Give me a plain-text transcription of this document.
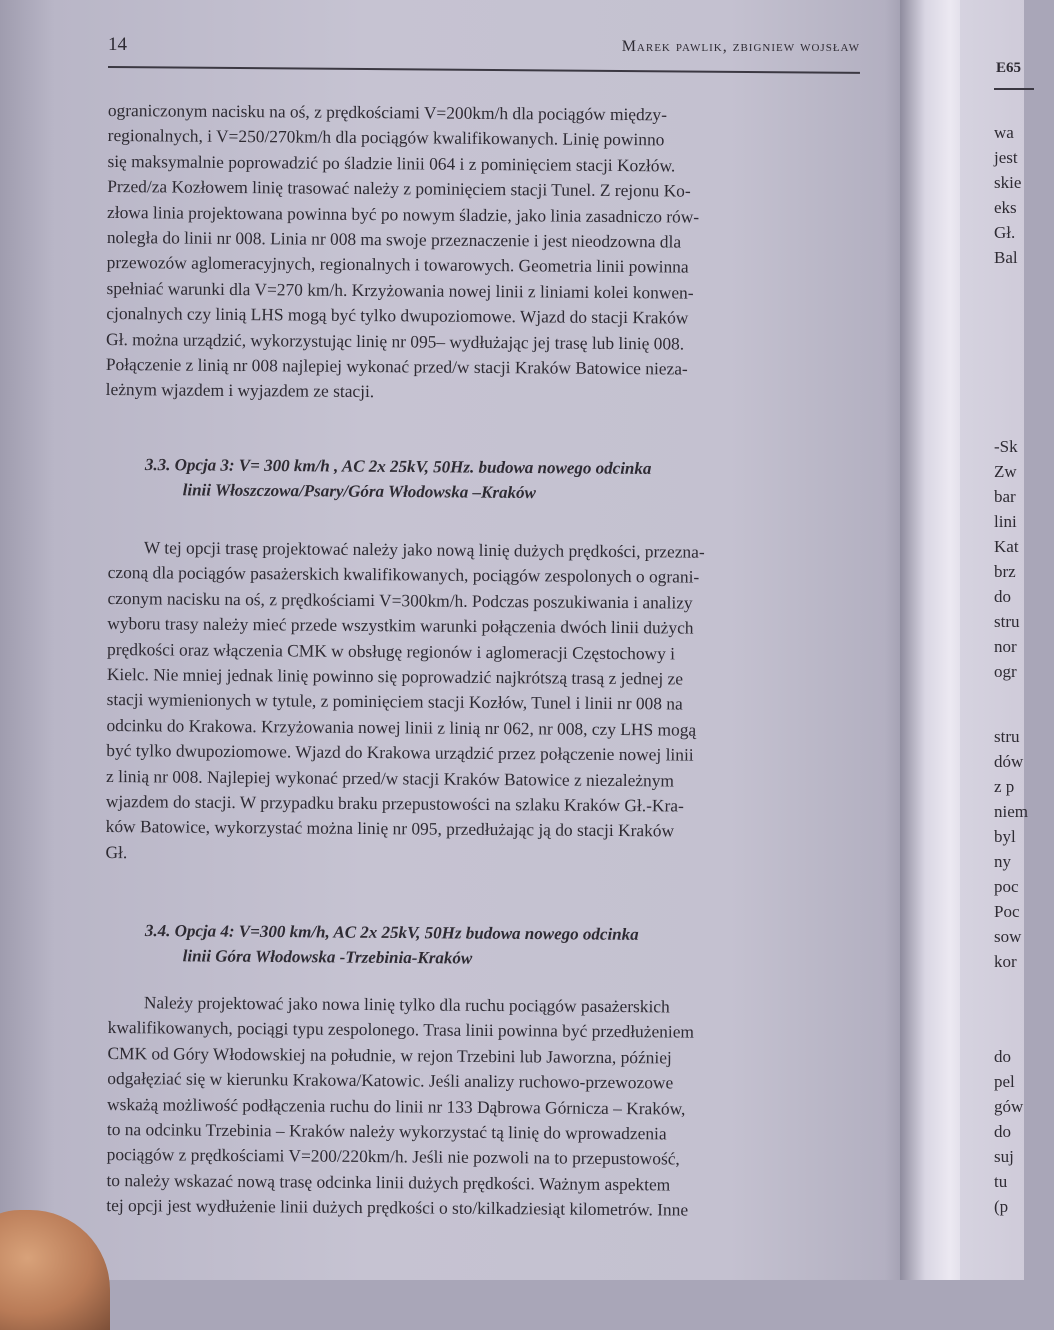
14	Marek pawlik, zbigniew wojsław

ograniczonym nacisku na oś, z prędkościami V=200km/h dla pociągów między-

regionalnych, i V=250/270km/h dla pociągów kwalifikowanych. Linię powinno

się maksymalnie poprowadzić po śladzie linii 064 i z pominięciem stacji Kozłów.

Przed/za Kozłowem linię trasować należy z pominięciem stacji Tunel. Z rejonu Ko-

złowa linia projektowana powinna być po nowym śladzie, jako linia zasadniczo rów-

noległa do linii nr 008. Linia nr 008 ma swoje przeznaczenie i jest nieodzowna dla

przewozów aglomeracyjnych, regionalnych i towarowych. Geometria linii powinna

spełniać warunki dla V=270 km/h. Krzyżowania nowej linii z liniami kolei konwen-

cjonalnych czy linią LHS mogą być tylko dwupoziomowe. Wjazd do stacji Kraków

Gł. można urządzić, wykorzystując linię nr 095– wydłużając jej trasę lub linię 008.

Połączenie z linią nr 008 najlepiej wykonać przed/w stacji Kraków Batowice nieza-

leżnym wjazdem i wyjazdem ze stacji.

3.3. Opcja 3: V= 300 km/h , AC 2x 25kV, 50Hz. budowa nowego odcinka
linii Włoszczowa/Psary/Góra Włodowska –Kraków

W tej opcji trasę projektować należy jako nową linię dużych prędkości, przezna-

czoną dla pociągów pasażerskich kwalifikowanych, pociągów zespolonych o ograni-

czonym nacisku na oś, z prędkościami V=300km/h. Podczas poszukiwania i analizy

wyboru trasy należy mieć przede wszystkim warunki połączenia dwóch linii dużych

prędkości oraz włączenia CMK w obsługę regionów i aglomeracji Częstochowy i

Kielc. Nie mniej jednak linię powinno się poprowadzić najkrótszą trasą z jednej ze

stacji wymienionych w tytule, z pominięciem stacji Kozłów, Tunel i linii nr 008 na

odcinku do Krakowa. Krzyżowania nowej linii z linią nr 062, nr 008, czy LHS mogą

być tylko dwupoziomowe. Wjazd do Krakowa urządzić przez połączenie nowej linii

z linią nr 008. Najlepiej wykonać przed/w stacji Kraków Batowice z niezależnym

wjazdem do stacji. W przypadku braku przepustowości na szlaku Kraków Gł.-Kra-

ków Batowice, wykorzystać można linię nr 095, przedłużając ją do stacji Kraków

Gł.

3.4. Opcja 4: V=300 km/h, AC 2x 25kV, 50Hz budowa nowego odcinka
linii Góra Włodowska -Trzebinia-Kraków

Należy projektować jako nowa linię tylko dla ruchu pociągów pasażerskich

kwalifikowanych, pociągi typu zespolonego. Trasa linii powinna być przedłużeniem

CMK od Góry Włodowskiej na południe, w rejon Trzebini lub Jaworzna, później

odgałęziać się w kierunku Krakowa/Katowic. Jeśli analizy ruchowo-przewozowe

wskażą możliwość podłączenia ruchu do linii nr 133 Dąbrowa Górnicza – Kraków,

to na odcinku Trzebinia – Kraków należy wykorzystać tą linię do wprowadzenia

pociągów z prędkościami V=200/220km/h. Jeśli nie pozwoli na to przepustowość,

to należy wskazać nową trasę odcinka linii dużych prędkości. Ważnym aspektem

tej opcji jest wydłużenie linii dużych prędkości o sto/kilkadziesiąt kilometrów. Inne

E65
wa
jest
skie
eks
Gł.
Bal
-Sk
Zw
bar
lini
Kat
brz
do
stru
nor
ogr
stru
dów
z p
niem
byl
ny
poc
Poc
sow
kor
do
pel
gów
do
suj
tu
(p
